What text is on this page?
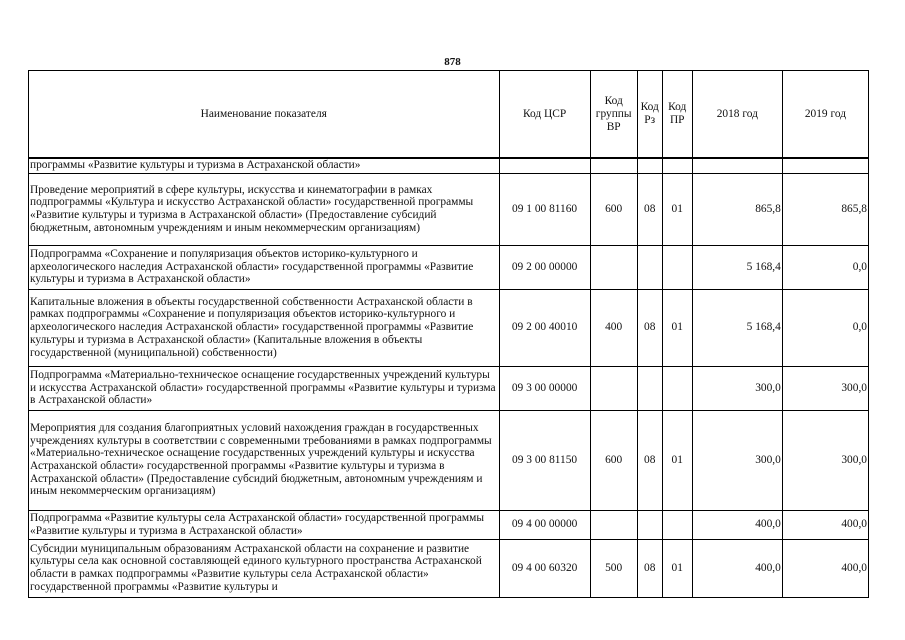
878
Наименование показателя	Код ЦСР	Код группы ВР	Код Рз	Код ПР	2018 год	2019 год
программы «Развитие культуры и туризма в Астраханской области»						
Проведение мероприятий в сфере культуры, искусства и кинематографии в рамках подпрограммы «Культура и искусство Астраханской области» государственной программы «Развитие культуры и туризма в Астраханской области» (Предоставление субсидий бюджетным, автономным учреждениям и иным некоммерческим организациям)	09 1 00 81160	600	08	01	865,8	865,8
Подпрограмма «Сохранение и популяризация объектов историко-культурного и археологического наследия Астраханской области» государственной программы «Развитие культуры и туризма в Астраханской области»	09 2 00 00000				5 168,4	0,0
Капитальные вложения в объекты государственной собственности Астраханской области в рамках подпрограммы «Сохранение и популяризация объектов историко-культурного и археологического наследия Астраханской области» государственной программы «Развитие культуры и туризма в Астраханской области» (Капитальные вложения в объекты государственной (муниципальной) собственности)	09 2 00 40010	400	08	01	5 168,4	0,0
Подпрограмма «Материально-техническое оснащение государственных учреждений культуры и искусства Астраханской области» государственной программы «Развитие культуры и туризма в Астраханской области»	09 3 00 00000				300,0	300,0
Мероприятия для создания благоприятных условий нахождения граждан в государственных учреждениях культуры в соответствии с современными требованиями в рамках подпрограммы «Материально-техническое оснащение государственных учреждений культуры и искусства Астраханской области» государственной программы «Развитие культуры и туризма в Астраханской области» (Предоставление субсидий бюджетным, автономным учреждениям и иным некоммерческим организациям)	09 3 00 81150	600	08	01	300,0	300,0
Подпрограмма «Развитие культуры села Астраханской области» государственной программы «Развитие культуры и туризма в Астраханской области»	09 4 00 00000				400,0	400,0
Субсидии муниципальным образованиям Астраханской области на сохранение и развитие культуры села как основной составляющей единого культурного пространства Астраханской области в рамках подпрограммы «Развитие культуры села Астраханской области» государственной программы «Развитие культуры и	09 4 00 60320	500	08	01	400,0	400,0
